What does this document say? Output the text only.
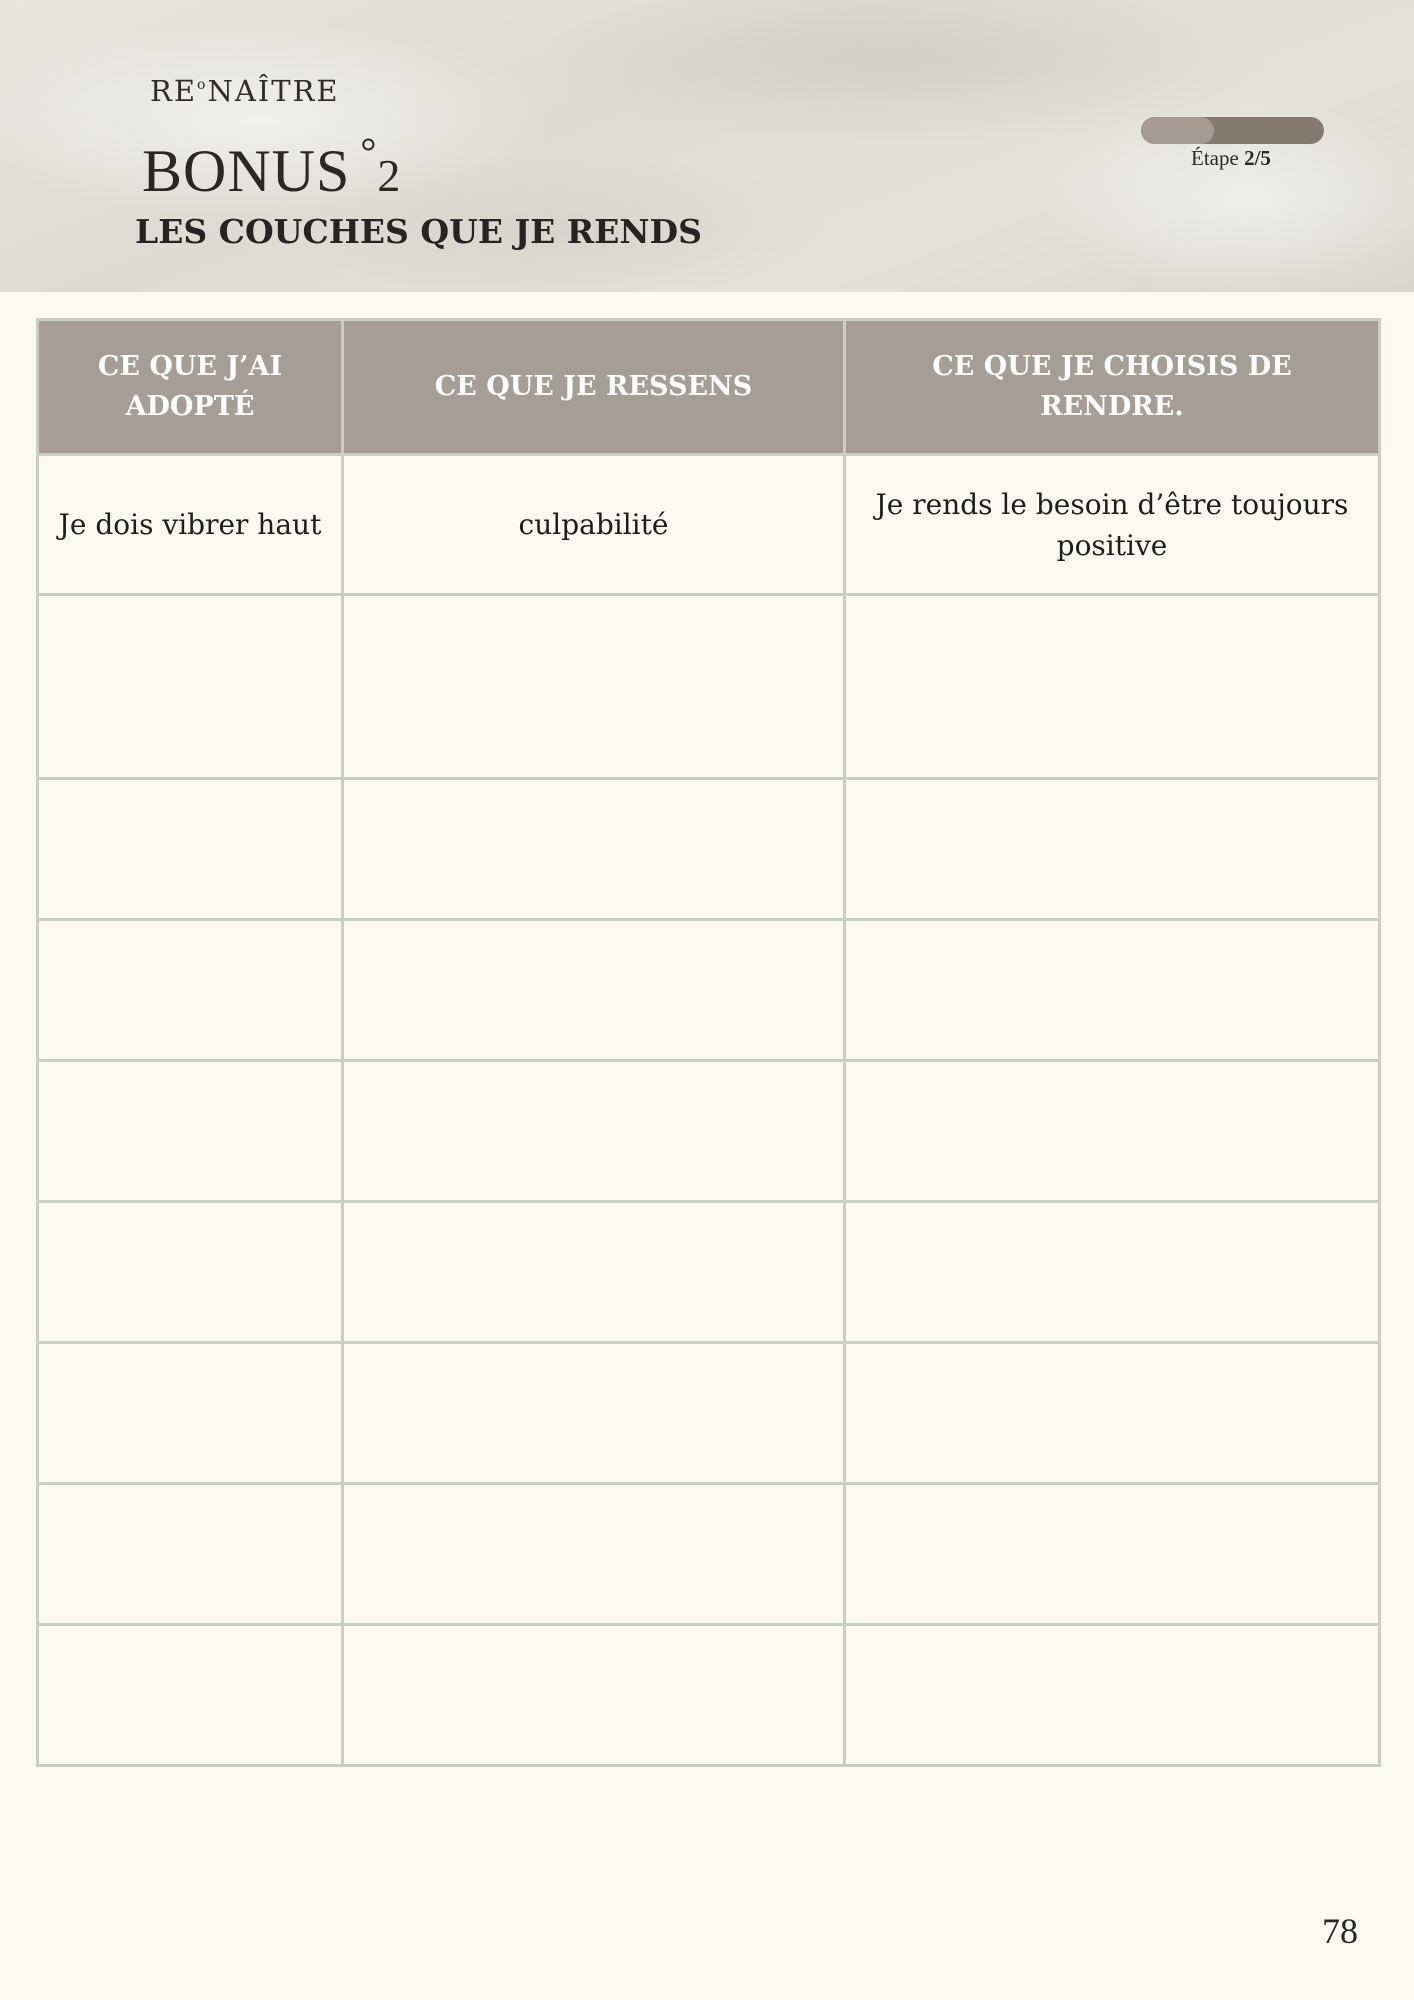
$RE^oNAÎTRE$
BONUS °2
LES COUCHES QUE JE RENDS
Étape 2/5
CE QUE J’AI ADOPTÉ	CE QUE JE RESSENS	CE QUE JE CHOISIS DE RENDRE.
Je dois vibrer haut	culpabilité	Je rends le besoin d’être toujours positive

78
